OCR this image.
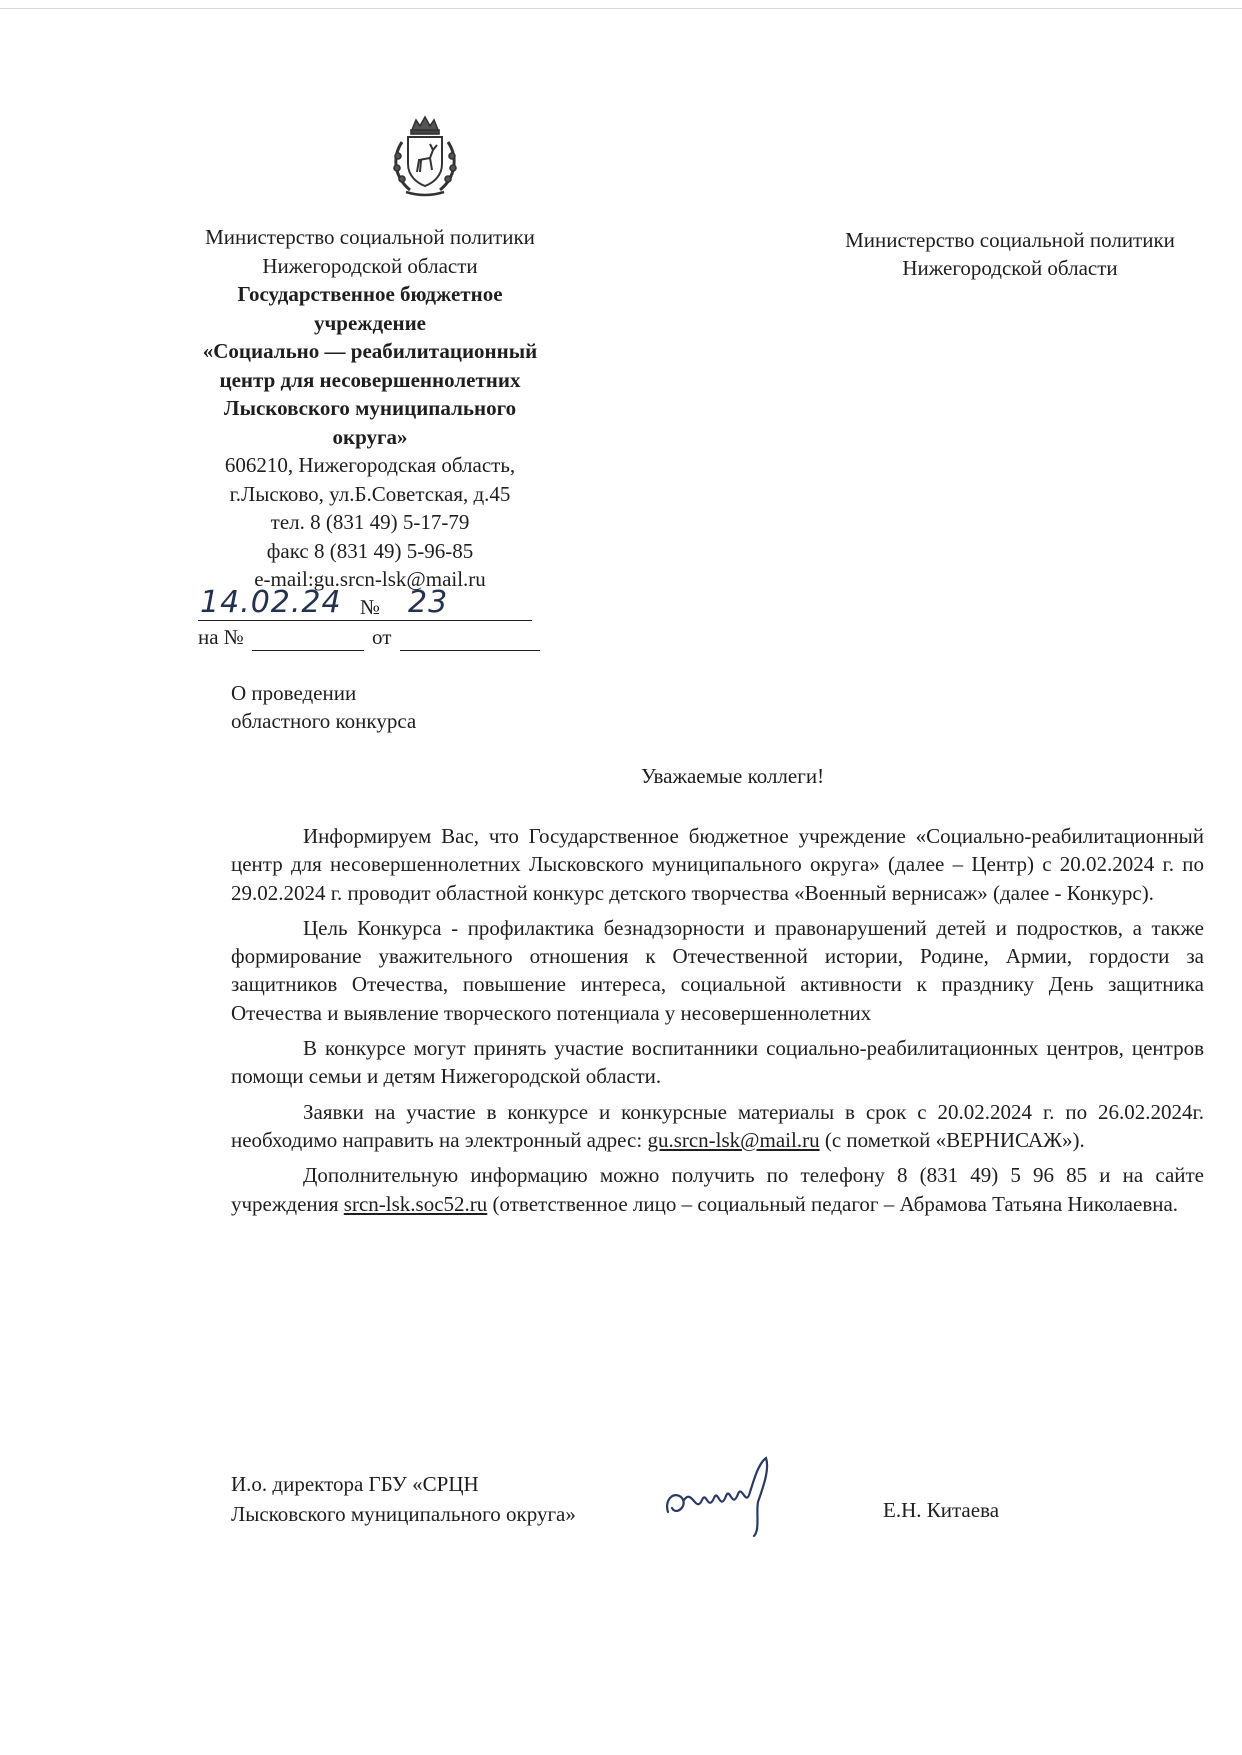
Министерство социальной политики
Нижегородской области
Государственное бюджетное
учреждение
«Социально — реабилитационный
центр для несовершеннолетних
Лысковского муниципального
округа»
606210, Нижегородская область,
г.Лысково, ул.Б.Советская, д.45
тел. 8 (831 49) 5-17-79
факс 8 (831 49) 5-96-85
e-mail:gu.srcn-lsk@mail.ru
Министерство социальной политики
Нижегородской области
14.02.24 № 23
на №	от
О проведении
областного конкурса
Уважаемые коллеги!

Информируем Вас, что Государственное бюджетное учреждение «Социально-реабилитационный центр для несовершеннолетних Лысковского муниципального округа» (далее – Центр) с 20.02.2024 г. по 29.02.2024 г. проводит областной конкурс детского творчества «Военный вернисаж» (далее - Конкурс).

Цель Конкурса - профилактика безнадзорности и правонарушений детей и подростков, а также формирование уважительного отношения к Отечественной истории, Родине, Армии, гордости за защитников Отечества, повышение интереса, социальной активности к празднику День защитника Отечества и выявление творческого потенциала у несовершеннолетних

В конкурсе могут принять участие воспитанники социально-реабилитационных центров, центров помощи семьи и детям Нижегородской области.

Заявки на участие в конкурсе и конкурсные материалы в срок с 20.02.2024 г. по 26.02.2024г. необходимо направить на электронный адрес: gu.srcn-lsk@mail.ru (с пометкой «ВЕРНИСАЖ»).

Дополнительную информацию можно получить по телефону 8 (831 49) 5 96 85 и на сайте учреждения srcn-lsk.soc52.ru (ответственное лицо – социальный педагог – Абрамова Татьяна Николаевна.

И.о. директора ГБУ «СРЦН
Лысковского муниципального округа»	Е.Н. Китаева
